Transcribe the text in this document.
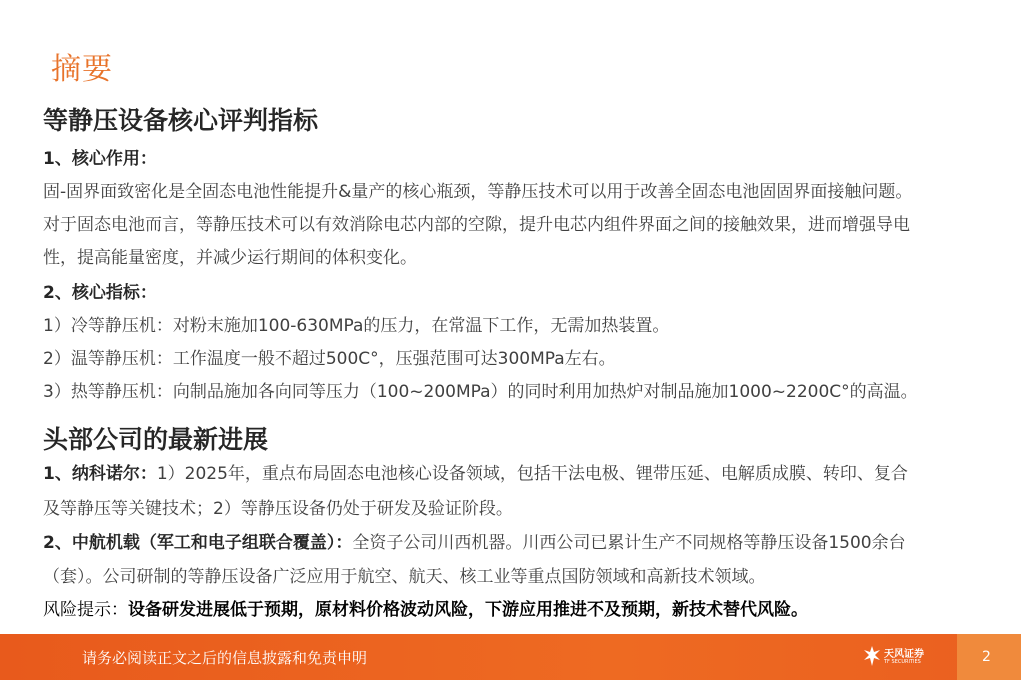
摘要
等静压设备核心评判指标
1、核心作用：
固-固界面致密化是全固态电池性能提升&量产的核心瓶颈，等静压技术可以用于改善全固态电池固固界面接触问题。
对于固态电池而言，等静压技术可以有效消除电芯内部的空隙，提升电芯内组件界面之间的接触效果，进而增强导电
性，提高能量密度，并减少运行期间的体积变化。
2、核心指标：
1）冷等静压机：对粉末施加100-630MPa的压力，在常温下工作，无需加热装置。
2）温等静压机：工作温度一般不超过500C°，压强范围可达300MPa左右。
3）热等静压机：向制品施加各向同等压力（100~200MPa）的同时利用加热炉对制品施加1000~2200C°的高温。
头部公司的最新进展
1、纳科诺尔：1）2025年，重点布局固态电池核心设备领域，包括干法电极、锂带压延、电解质成膜、转印、复合
及等静压等关键技术；2）等静压设备仍处于研发及验证阶段。
2、中航机载（军工和电子组联合覆盖）：全资子公司川西机器。川西公司已累计生产不同规格等静压设备1500余台
（套）。公司研制的等静压设备广泛应用于航空、航天、核工业等重点国防领域和高新技术领域。
风险提示：设备研发进展低于预期，原材料价格波动风险，下游应用推进不及预期，新技术替代风险。
请务必阅读正文之后的信息披露和免责申明	天风证券
TF SECURITIES	2
